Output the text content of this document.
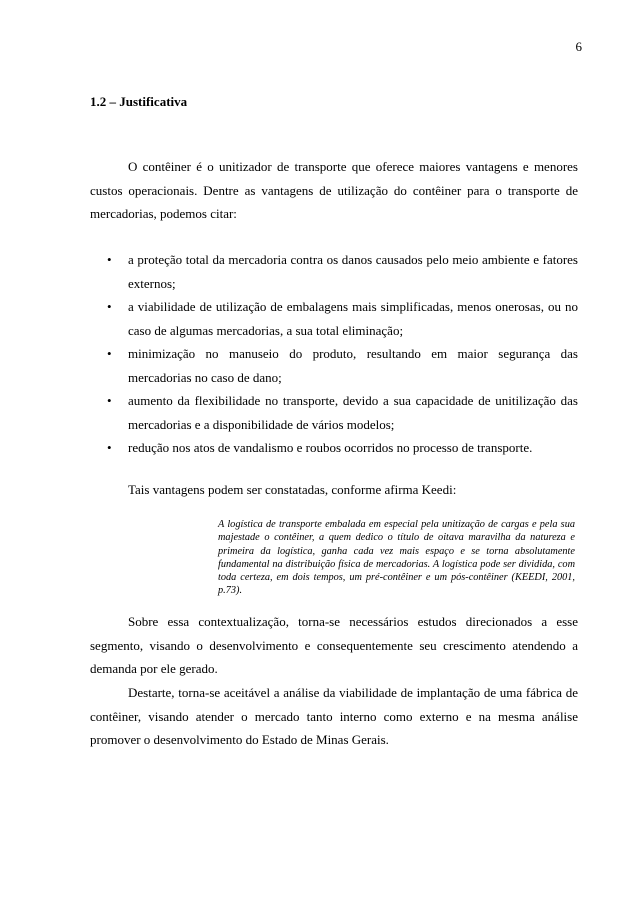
6

1.2 – Justificativa

O contêiner é o unitizador de transporte que oferece maiores vantagens e menores custos operacionais. Dentre as vantagens de utilização do contêiner para o transporte de mercadorias, podemos citar:

• a proteção total da mercadoria contra os danos causados pelo meio ambiente e fatores externos;
• a viabilidade de utilização de embalagens mais simplificadas, menos onerosas, ou no caso de algumas mercadorias, a sua total eliminação;
• minimização no manuseio do produto, resultando em maior segurança das mercadorias no caso de dano;
• aumento da flexibilidade no transporte, devido a sua capacidade de unitilização das mercadorias e a disponibilidade de vários modelos;
• redução nos atos de vandalismo e roubos ocorridos no processo de transporte.

Tais vantagens podem ser constatadas, conforme afirma Keedi:

A logística de transporte embalada em especial pela unitização de cargas e pela sua majestade o contêiner, a quem dedico o título de oitava maravilha da natureza e primeira da logística, ganha cada vez mais espaço e se torna absolutamente fundamental na distribuição física de mercadorias. A logística pode ser dividida, com toda certeza, em dois tempos, um pré-contêiner e um pós-contêiner (KEEDI, 2001, p.73).

Sobre essa contextualização, torna-se necessários estudos direcionados a esse segmento, visando o desenvolvimento e consequentemente seu crescimento atendendo a demanda por ele gerado.

Destarte, torna-se aceitável a análise da viabilidade de implantação de uma fábrica de contêiner, visando atender o mercado tanto interno como externo e na mesma análise promover o desenvolvimento do Estado de Minas Gerais.
